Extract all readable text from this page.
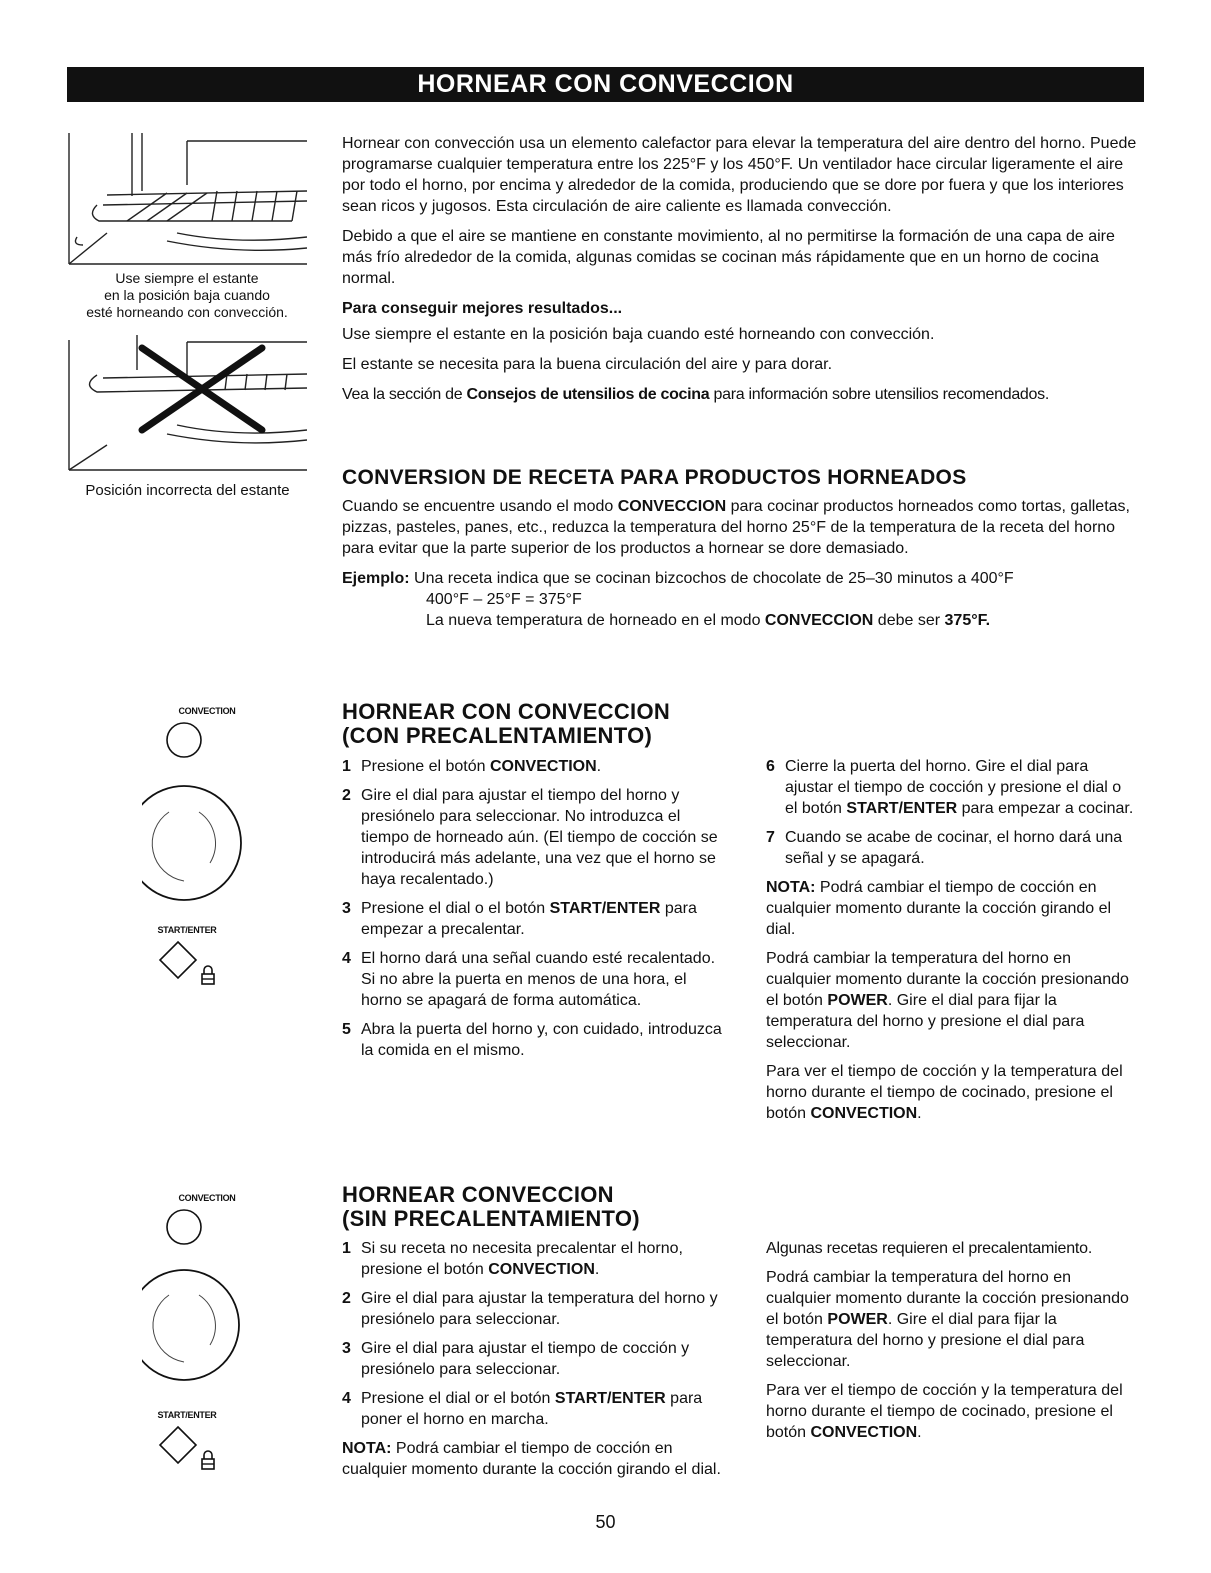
HORNEAR CON CONVECCION

Use siempre el estante

en la posición baja cuando

esté horneando con convección.

Posición incorrecta del estante

Hornear con convección usa un elemento calefactor para elevar la temperatura del aire dentro del horno. Puede programarse cualquier temperatura entre los 225°F y los 450°F. Un ventilador hace circular ligeramente el aire por todo el horno, por encima y alrededor de la comida, produciendo que se dore por fuera y que los interiores sean ricos y jugosos. Esta circulación de aire caliente es llamada convección.

Debido a que el aire se mantiene en constante movimiento, al no permitirse la formación de una capa de aire más frío alrededor de la comida, algunas comidas se cocinan más rápidamente que en un horno de cocina normal.

Para conseguir mejores resultados...

Use siempre el estante en la posición baja cuando esté horneando con convección.

El estante se necesita para la buena circulación del aire y para dorar.

Vea la sección de Consejos de utensilios de cocina para información sobre utensilios recomendados.

CONVERSION DE RECETA PARA PRODUCTOS HORNEADOS

Cuando se encuentre usando el modo CONVECCION para cocinar productos horneados como tortas, galletas, pizzas, pasteles, panes, etc., reduzca la temperatura del horno 25°F de la temperatura de la receta del horno para evitar que la parte superior de los productos a hornear se dore demasiado.

Ejemplo: Una receta indica que se cocinan bizcochos de chocolate de 25–30 minutos a 400°F

400°F – 25°F = 375°F

La nueva temperatura de horneado en el modo CONVECCION debe ser 375°F.

CONVECTION
START/ENTER

HORNEAR CON CONVECCION

(CON PRECALENTAMIENTO)

1 Presione el botón CONVECTION.
2 Gire el dial para ajustar el tiempo del horno y presiónelo para seleccionar. No introduzca el tiempo de horneado aún. (El tiempo de cocción se introducirá más adelante, una vez que el horno se haya recalentado.)
3 Presione el dial o el botón START/ENTER para empezar a precalentar.
4 El horno dará una señal cuando esté recalentado. Si no abre la puerta en menos de una hora, el horno se apagará de forma automática.
5 Abra la puerta del horno y, con cuidado, introduzca la comida en el mismo.
6 Cierre la puerta del horno. Gire el dial para ajustar el tiempo de cocción y presione el dial o el botón START/ENTER para empezar a cocinar.
7 Cuando se acabe de cocinar, el horno dará una señal y se apagará.

NOTA: Podrá cambiar el tiempo de cocción en cualquier momento durante la cocción girando el dial.

Podrá cambiar la temperatura del horno en cualquier momento durante la cocción presionando el botón POWER. Gire el dial para fijar la temperatura del horno y presione el dial para seleccionar.

Para ver el tiempo de cocción y la temperatura del horno durante el tiempo de cocinado, presione el botón CONVECTION.

CONVECTION
START/ENTER

HORNEAR CONVECCION

(SIN PRECALENTAMIENTO)

1 Si su receta no necesita precalentar el horno, presione el botón CONVECTION.
2 Gire el dial para ajustar la temperatura del horno y presiónelo para seleccionar.
3 Gire el dial para ajustar el tiempo de cocción y presiónelo para seleccionar.
4 Presione el dial or el botón START/ENTER para poner el horno en marcha.

NOTA: Podrá cambiar el tiempo de cocción en cualquier momento durante la cocción girando el dial.

Algunas recetas requieren el precalentamiento.

Podrá cambiar la temperatura del horno en cualquier momento durante la cocción presionando el botón POWER. Gire el dial para fijar la temperatura del horno y presione el dial para seleccionar.

Para ver el tiempo de cocción y la temperatura del horno durante el tiempo de cocinado, presione el botón CONVECTION.

50
